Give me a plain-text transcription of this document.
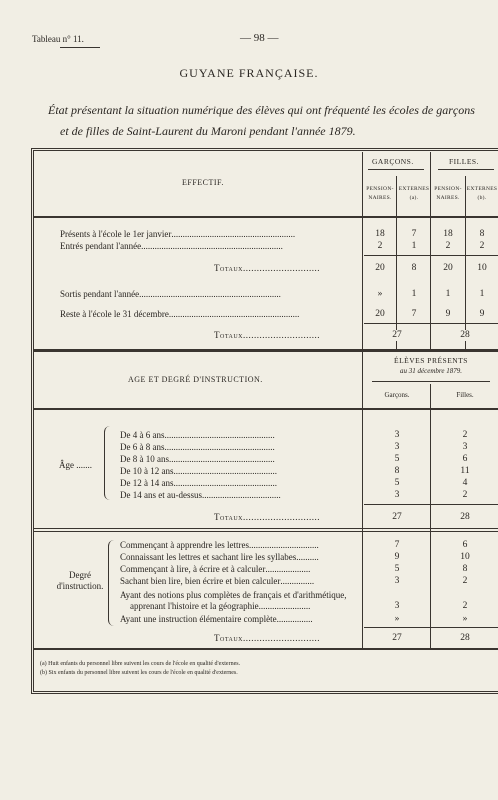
Tableau n° 11.	— 98 —
GUYANE FRANÇAISE.
État présentant la situation numérique des élèves qui ont fréquenté les écoles de garçons
et de filles de Saint-Laurent du Maroni pendant l'année 1879.
EFFECTIF.
GARÇONS.	FILLES.
PENSION-NAIRES.
EXTERNES (a).
PENSION-NAIRES.
EXTERNES (b).
Présents à l'école le 1er janvier.......................................................	18	7	18	8
Entrés pendant l'année...............................................................	2	1	2	2
Totaux............................	20	8	20	10
Sortis pendant l'année...............................................................	»	1	1	1
Reste à l'école le 31 décembre..........................................................	20	7	9	9
Totaux............................	27	28
AGE ET DEGRÉ D'INSTRUCTION.
ÉLÈVES PRÉSENTS
au 31 décembre 1879.
Garçons.	Filles.
Âge .......
De 4 à 6 ans.................................................	3	2
De 6 à 8 ans.................................................	3	3
De 8 à 10 ans...............................................	5	6
De 10 à 12 ans..............................................	8	11
De 12 à 14 ans..............................................	5	4
De 14 ans et au-dessus...................................	3	2
Totaux............................	27	28
Degré
d'instruction.
Commençant à apprendre les lettres...............................	7	6
Connaissant les lettres et sachant lire les syllabes..........	9	10
Commençant à lire, à écrire et à calculer....................	5	8
Sachant bien lire, bien écrire et bien calculer...............	3	2
Ayant des notions plus complètes de français et d'arithmétique,
apprenant l'histoire et la géographie.......................	3	2
Ayant une instruction élémentaire complète................	»	»
Totaux............................	27	28
(a) Huit enfants du personnel libre suivent les cours de l'école en qualité d'externes.
(b) Six enfants du personnel libre suivent les cours de l'école en qualité d'externes.
